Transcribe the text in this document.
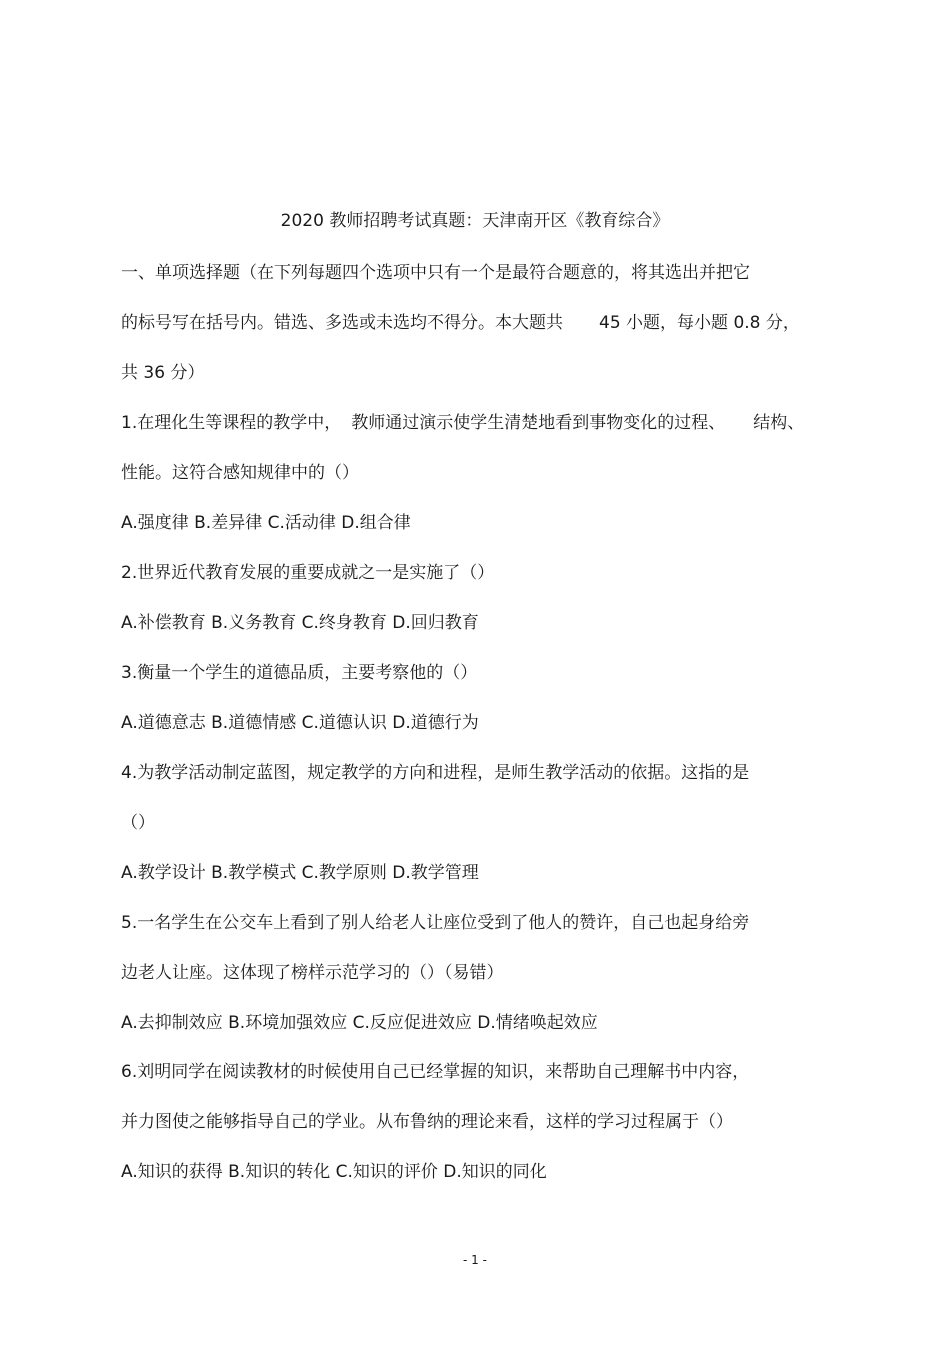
2020 教师招聘考试真题：天津南开区《教育综合》
一、单项选择题（在下列每题四个选项中只有一个是最符合题意的，将其选出并把它
的标号写在括号内。错选、多选或未选均不得分。本大题共 45 小题，每小题 0.8 分，
共 36 分）
1.在理化生等课程的教学中， 教师通过演示使学生清楚地看到事物变化的过程、 结构、
性能。这符合感知规律中的（）
A.强度律 B.差异律 C.活动律 D.组合律
2.世界近代教育发展的重要成就之一是实施了（）
A.补偿教育 B.义务教育 C.终身教育 D.回归教育
3.衡量一个学生的道德品质，主要考察他的（）
A.道德意志 B.道德情感 C.道德认识 D.道德行为
4.为教学活动制定蓝图，规定教学的方向和进程，是师生教学活动的依据。这指的是
（）
A.教学设计 B.教学模式 C.教学原则 D.教学管理
5.一名学生在公交车上看到了别人给老人让座位受到了他人的赞许，自己也起身给旁
边老人让座。这体现了榜样示范学习的（）（易错）
A.去抑制效应 B.环境加强效应 C.反应促进效应 D.情绪唤起效应
6.刘明同学在阅读教材的时候使用自己已经掌握的知识，来帮助自己理解书中内容，
并力图使之能够指导自己的学业。从布鲁纳的理论来看，这样的学习过程属于（）
A.知识的获得 B.知识的转化 C.知识的评价 D.知识的同化
- 1 -
